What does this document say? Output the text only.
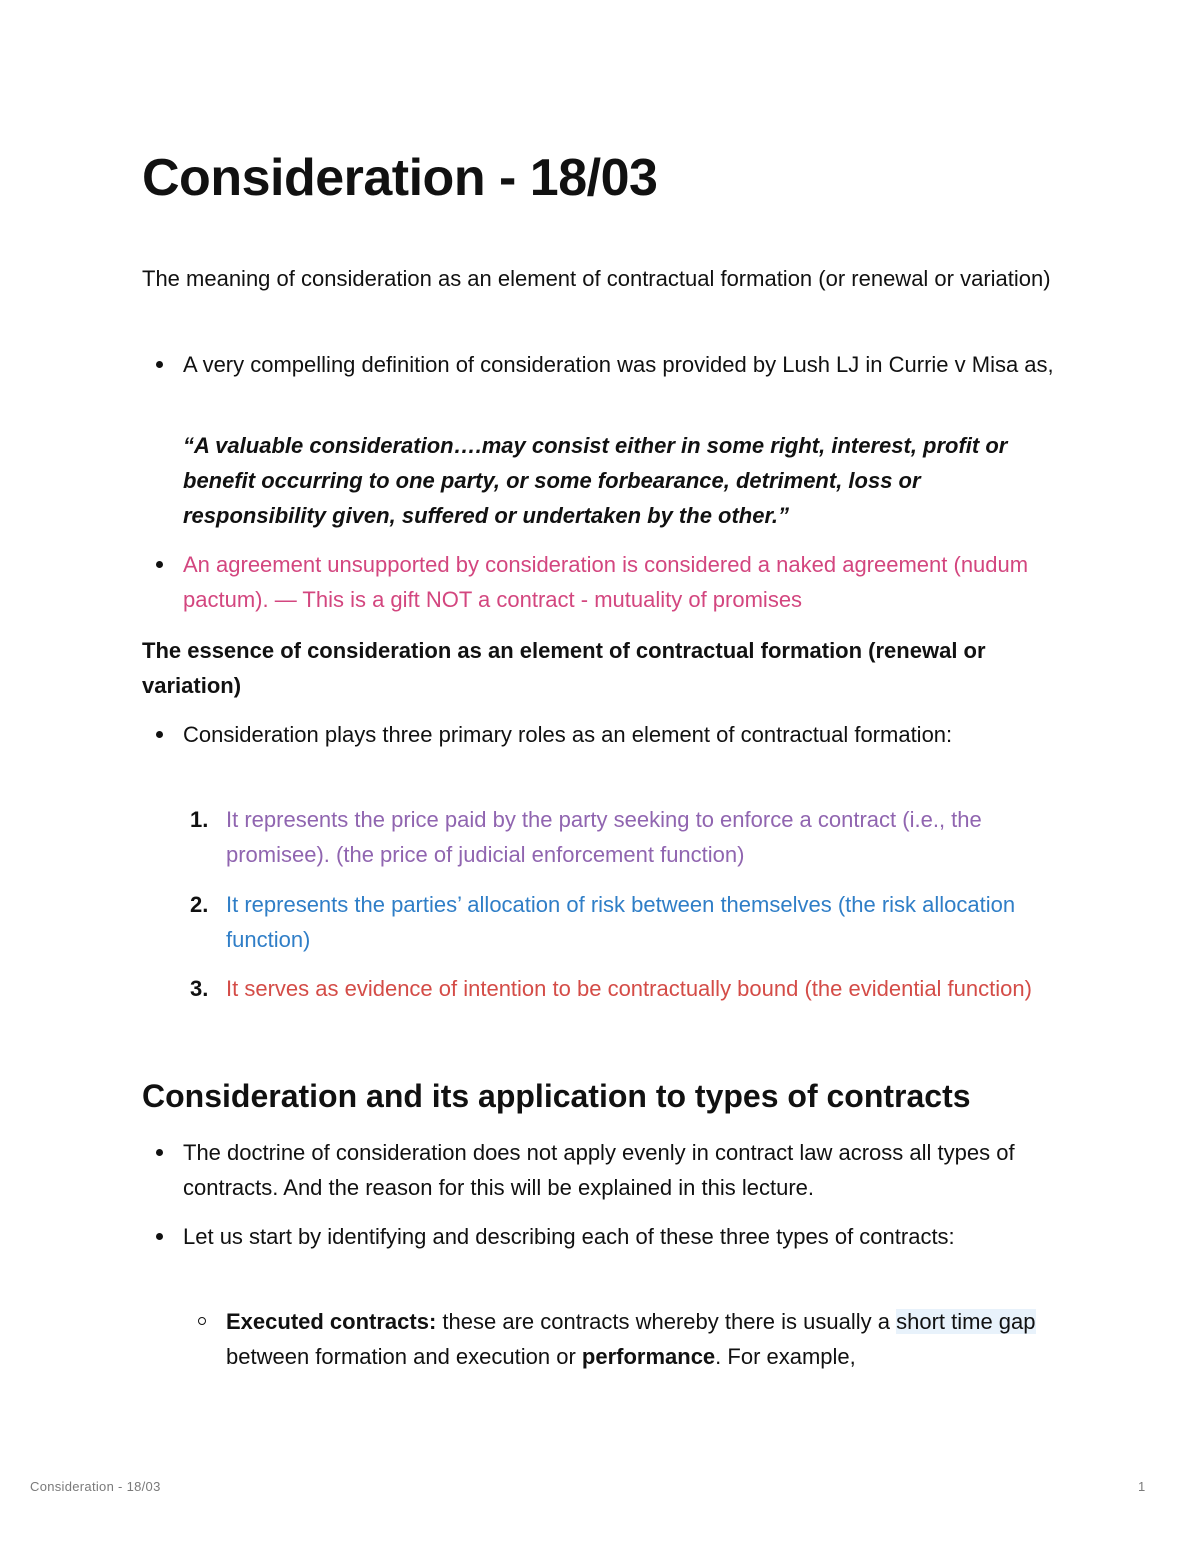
Consideration - 18/03
The meaning of consideration as an element of contractual formation (or renewal or variation)
A very compelling definition of consideration was provided by Lush LJ in Currie v Misa as,
“A valuable consideration….may consist either in some right, interest, profit or benefit occurring to one party, or some forbearance, detriment, loss or responsibility given, suffered or undertaken by the other.”
An agreement unsupported by consideration is considered a naked agreement (nudum pactum). — This is a gift NOT a contract - mutuality of promises
The essence of consideration as an element of contractual formation (renewal or variation)
Consideration plays three primary roles as an element of contractual formation:
1. It represents the price paid by the party seeking to enforce a contract (i.e., the promisee). (the price of judicial enforcement function)
2. It represents the parties’ allocation of risk between themselves (the risk allocation function)
3. It serves as evidence of intention to be contractually bound (the evidential function)
Consideration and its application to types of contracts
The doctrine of consideration does not apply evenly in contract law across all types of contracts. And the reason for this will be explained in this lecture.
Let us start by identifying and describing each of these three types of contracts:
Executed contracts: these are contracts whereby there is usually a short time gap between formation and execution or performance. For example,
Consideration - 18/03	1
